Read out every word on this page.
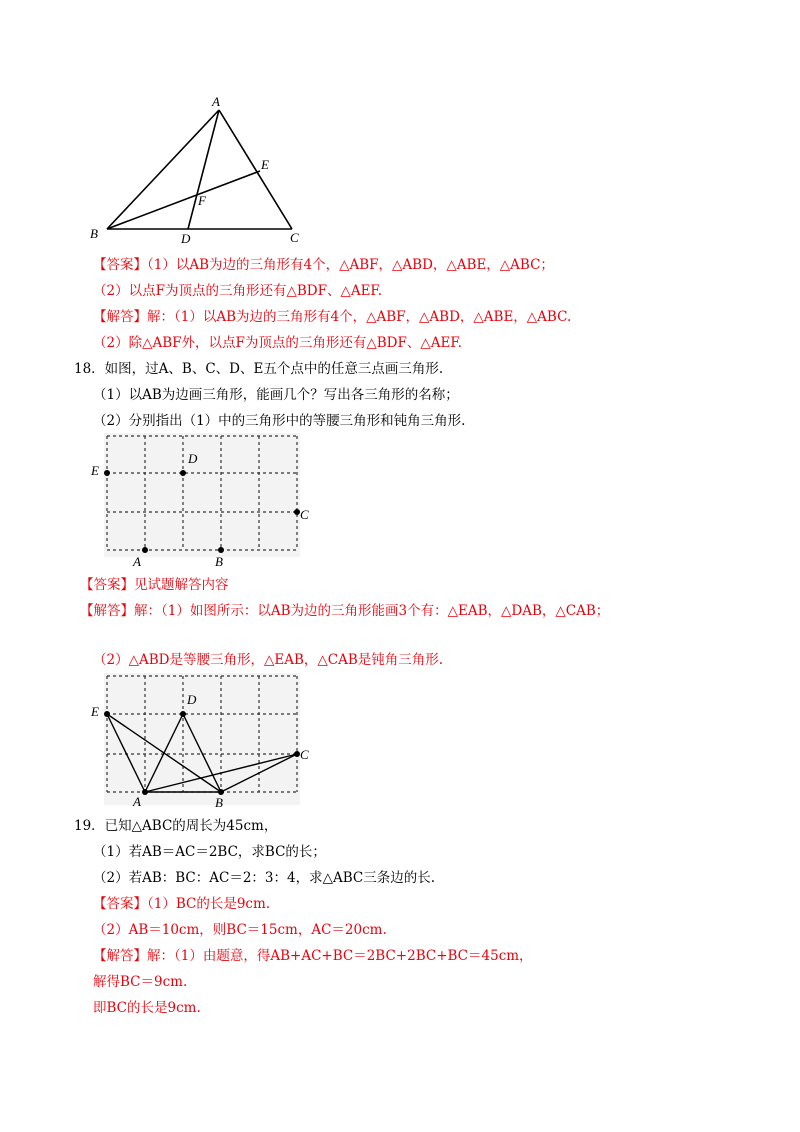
A
B	C
D
E
F
【答案】（1）以AB为边的三角形有4个，△ABF，△ABD，△ABE，△ABC；
（2）以点F为顶点的三角形还有△BDF、△AEF.
【解答】解：（1）以AB为边的三角形有4个，△ABF，△ABD，△ABE，△ABC.
（2）除△ABF外，以点F为顶点的三角形还有△BDF、△AEF.
18．如图，过A、B、C、D、E五个点中的任意三点画三角形.
（1）以AB为边画三角形，能画几个？写出各三角形的名称；
（2）分别指出（1）中的三角形中的等腰三角形和钝角三角形.
E
D
C
A	B
【答案】见试题解答内容
【解答】解：（1）如图所示：以AB为边的三角形能画3个有：△EAB，△DAB，△CAB；
（2）△ABD是等腰三角形，△EAB，△CAB是钝角三角形.
E
D
C
A	B
19．已知△ABC的周长为45cm，
（1）若AB＝AC＝2BC，求BC的长；
（2）若AB：BC：AC＝2：3：4，求△ABC三条边的长.
【答案】（1）BC的长是9cm.
（2）AB＝10cm，则BC＝15cm，AC＝20cm.
【解答】解：（1）由题意，得AB+AC+BC＝2BC+2BC+BC＝45cm，
解得BC＝9cm.
即BC的长是9cm.
